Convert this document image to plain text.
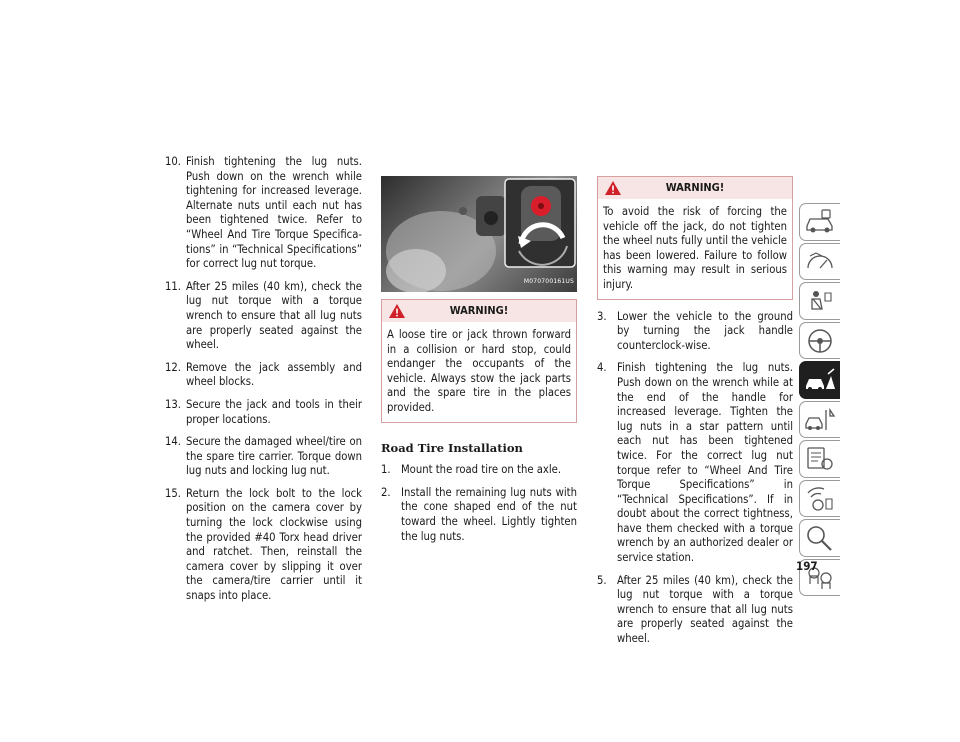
10. Finish tightening the lug nuts. Push down on the wrench while tightening for increased leverage. Alternate nuts until each nut has been tightened twice. Refer to “Wheel And Tire Torque Specifica-tions” in “Technical Specifications” for correct lug nut torque.
11. After 25 miles (40 km), check the lug nut torque with a torque wrench to ensure that all lug nuts are properly seated against the wheel.
12. Remove the jack assembly and wheel blocks.
13. Secure the jack and tools in their proper locations.
14. Secure the damaged wheel/tire on the spare tire carrier. Torque down lug nuts and locking lug nut.
15. Return the lock bolt to the lock position on the camera cover by turning the lock clockwise using the provided #40 Torx head driver and ratchet. Then, reinstall the camera cover by slipping it over the camera/tire carrier until it snaps into place.
M070700161US
WARNING!
A loose tire or jack thrown forward in a collision or hard stop, could endanger the occupants of the vehicle. Always stow the jack parts and the spare tire in the places provided.
Road Tire Installation
1. Mount the road tire on the axle.
2. Install the remaining lug nuts with the cone shaped end of the nut toward the wheel. Lightly tighten the lug nuts.
WARNING!
To avoid the risk of forcing the vehicle off the jack, do not tighten the wheel nuts fully until the vehicle has been lowered. Failure to follow this warning may result in serious injury.
3. Lower the vehicle to the ground by turning the jack handle counterclock-wise.
4. Finish tightening the lug nuts. Push down on the wrench while at the end of the handle for increased leverage. Tighten the lug nuts in a star pattern until each nut has been tightened twice. For the correct lug nut torque refer to “Wheel And Tire Torque Specifications” in “Technical Specifications”. If in doubt about the correct tightness, have them checked with a torque wrench by an authorized dealer or service station.
5. After 25 miles (40 km), check the lug nut torque with a torque wrench to ensure that all lug nuts are properly seated against the wheel.
197
